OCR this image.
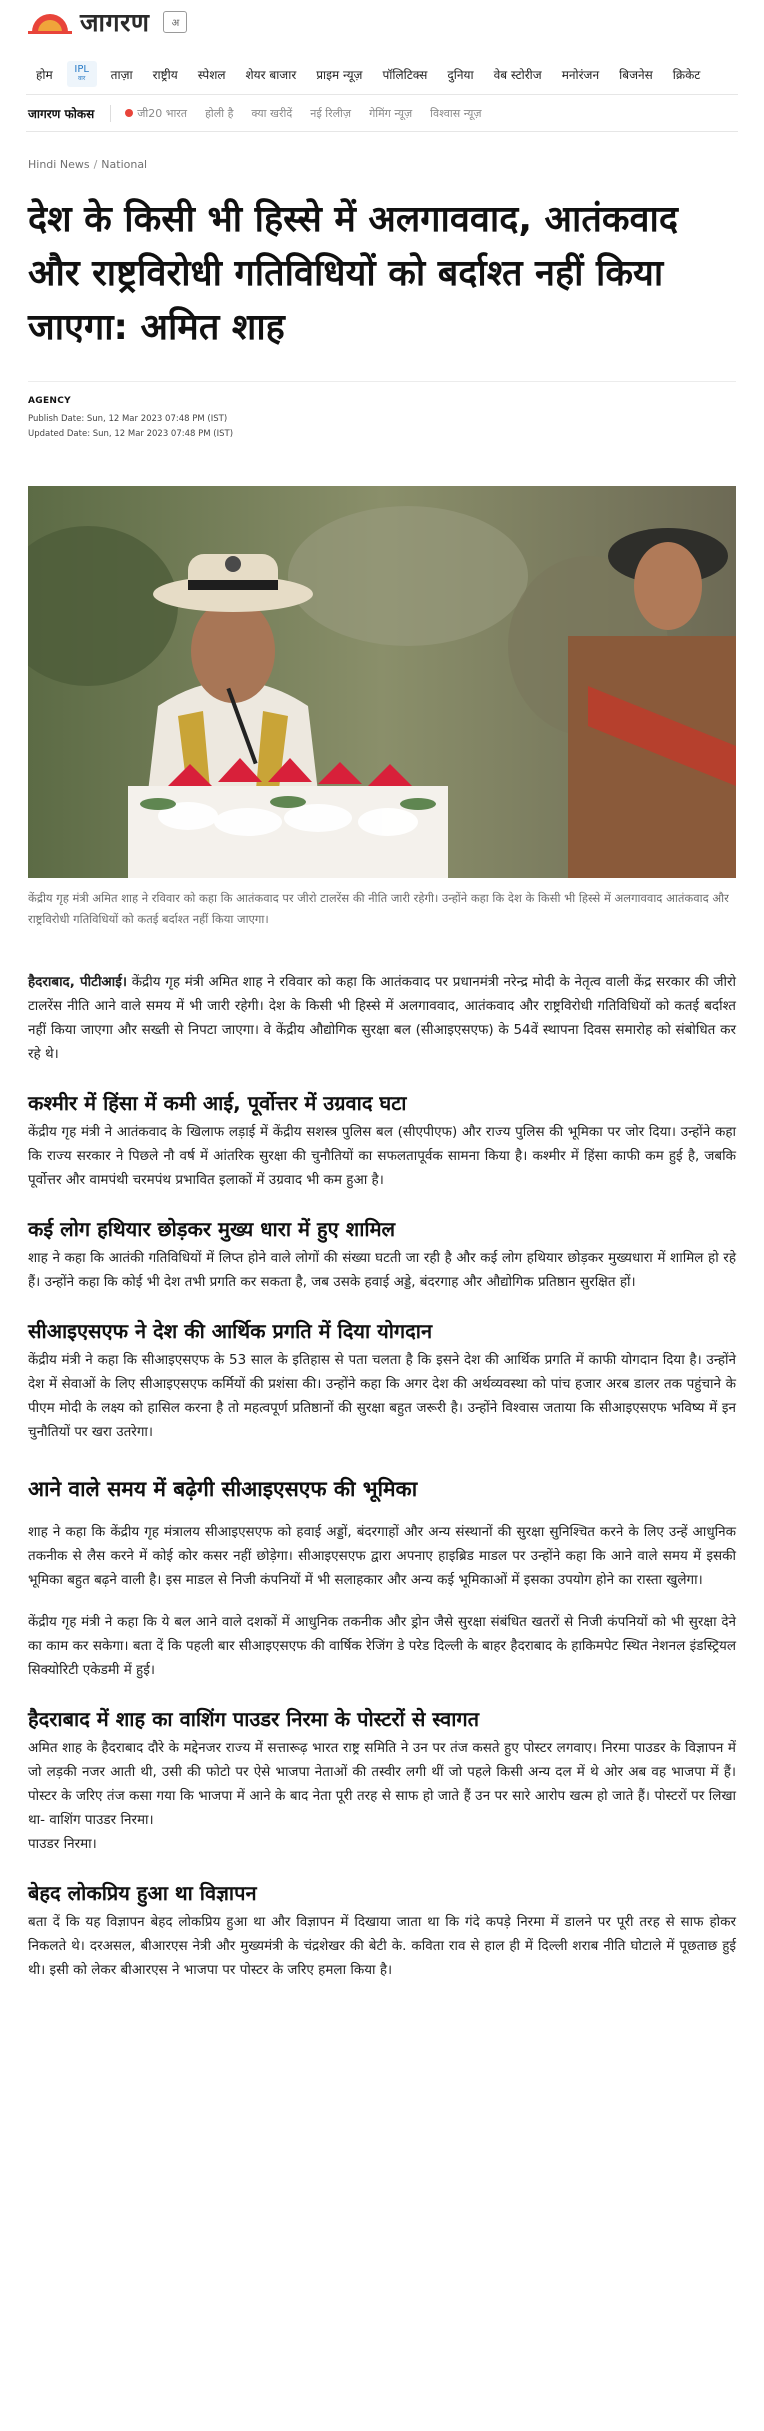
जागरण	अ
होम	IPL
वार	ताज़ा	राष्ट्रीय	स्पेशल	शेयर बाजार	प्राइम न्यूज़	पॉलिटिक्स	दुनिया	वेब स्टोरीज	मनोरंजन	बिजनेस	क्रिकेट
जागरण फोकस	जी20 भारत	होली है	क्या खरीदें	नई रिलीज़	गेमिंग न्यूज़	विश्वास न्यूज़
Hindi News / National
देश के किसी भी हिस्से में अलगाववाद, आतंकवाद और राष्ट्रविरोधी गतिविधियों को बर्दाश्त नहीं किया जाएगा: अमित शाह
AGENCY
Publish Date: Sun, 12 Mar 2023 07:48 PM (IST)
Updated Date: Sun, 12 Mar 2023 07:48 PM (IST)
केंद्रीय गृह मंत्री अमित शाह ने रविवार को कहा कि आतंकवाद पर जीरो टालरेंस की नीति जारी रहेगी। उन्होंने कहा कि देश के किसी भी हिस्से में अलगाववाद आतंकवाद और राष्ट्रविरोधी गतिविधियों को कतई बर्दाश्त नहीं किया जाएगा।

हैदराबाद, पीटीआई। केंद्रीय गृह मंत्री अमित शाह ने रविवार को कहा कि आतंकवाद पर प्रधानमंत्री नरेन्द्र मोदी के नेतृत्व वाली केंद्र सरकार की जीरो टालरेंस नीति आने वाले समय में भी जारी रहेगी। देश के किसी भी हिस्से में अलगाववाद, आतंकवाद और राष्ट्रविरोधी गतिविधियों को कतई बर्दाश्त नहीं किया जाएगा और सख्ती से निपटा जाएगा। वे केंद्रीय औद्योगिक सुरक्षा बल (सीआइएसएफ) के 54वें स्थापना दिवस समारोह को संबोधित कर रहे थे।

कश्मीर में हिंसा में कमी आई, पूर्वोत्तर में उग्रवाद घटा

केंद्रीय गृह मंत्री ने आतंकवाद के खिलाफ लड़ाई में केंद्रीय सशस्त्र पुलिस बल (सीएपीएफ) और राज्य पुलिस की भूमिका पर जोर दिया। उन्होंने कहा कि राज्य सरकार ने पिछले नौ वर्ष में आंतरिक सुरक्षा की चुनौतियों का सफलतापूर्वक सामना किया है। कश्मीर में हिंसा काफी कम हुई है, जबकि पूर्वोत्तर और वामपंथी चरमपंथ प्रभावित इलाकों में उग्रवाद भी कम हुआ है।

कई लोग हथियार छोड़कर मुख्य धारा में हुए शामिल

शाह ने कहा कि आतंकी गतिविधियों में लिप्त होने वाले लोगों की संख्या घटती जा रही है और कई लोग हथियार छोड़कर मुख्यधारा में शामिल हो रहे हैं। उन्होंने कहा कि कोई भी देश तभी प्रगति कर सकता है, जब उसके हवाई अड्डे, बंदरगाह और औद्योगिक प्रतिष्ठान सुरक्षित हों।

सीआइएसएफ ने देश की आर्थिक प्रगति में दिया योगदान

केंद्रीय मंत्री ने कहा कि सीआइएसएफ के 53 साल के इतिहास से पता चलता है कि इसने देश की आर्थिक प्रगति में काफी योगदान दिया है। उन्होंने देश में सेवाओं के लिए सीआइएसएफ कर्मियों की प्रशंसा की। उन्होंने कहा कि अगर देश की अर्थव्यवस्था को पांच हजार अरब डालर तक पहुंचाने के पीएम मोदी के लक्ष्य को हासिल करना है तो महत्वपूर्ण प्रतिष्ठानों की सुरक्षा बहुत जरूरी है। उन्होंने विश्वास जताया कि सीआइएसएफ भविष्य में इन चुनौतियों पर खरा उतरेगा।

आने वाले समय में बढ़ेगी सीआइएसएफ की भूमिका

शाह ने कहा कि केंद्रीय गृह मंत्रालय सीआइएसएफ को हवाई अड्डों, बंदरगाहों और अन्य संस्थानों की सुरक्षा सुनिश्चित करने के लिए उन्हें आधुनिक तकनीक से लैस करने में कोई कोर कसर नहीं छोड़ेगा। सीआइएसएफ द्वारा अपनाए हाइब्रिड माडल पर उन्होंने कहा कि आने वाले समय में इसकी भूमिका बहुत बढ़ने वाली है। इस माडल से निजी कंपनियों में भी सलाहकार और अन्य कई भूमिकाओं में इसका उपयोग होने का रास्ता खुलेगा।

केंद्रीय गृह मंत्री ने कहा कि ये बल आने वाले दशकों में आधुनिक तकनीक और ड्रोन जैसे सुरक्षा संबंधित खतरों से निजी कंपनियों को भी सुरक्षा देने का काम कर सकेगा। बता दें कि पहली बार सीआइएसएफ की वार्षिक रेजिंग डे परेड दिल्ली के बाहर हैदराबाद के हाकिमपेट स्थित नेशनल इंडस्ट्रियल सिक्योरिटी एकेडमी में हुई।

हैदराबाद में शाह का वाशिंग पाउडर निरमा के पोस्टरों से स्वागत

अमित शाह के हैदराबाद दौरे के मद्देनजर राज्य में सत्तारूढ़ भारत राष्ट्र समिति ने उन पर तंज कसते हुए पोस्टर लगवाए। निरमा पाउडर के विज्ञापन में जो लड़की नजर आती थी, उसी की फोटो पर ऐसे भाजपा नेताओं की तस्वीर लगी थीं जो पहले किसी अन्य दल में थे ओर अब वह भाजपा में हैं। पोस्टर के जरिए तंज कसा गया कि भाजपा में आने के बाद नेता पूरी तरह से साफ हो जाते हैं उन पर सारे आरोप खत्म हो जाते हैं। पोस्टरों पर लिखा था- वाशिंग पाउडर निरमा।

पाउडर निरमा।

बेहद लोकप्रिय हुआ था विज्ञापन

बता दें कि यह विज्ञापन बेहद लोकप्रिय हुआ था और विज्ञापन में दिखाया जाता था कि गंदे कपड़े निरमा में डालने पर पूरी तरह से साफ होकर निकलते थे। दरअसल, बीआरएस नेत्री और मुख्यमंत्री के चंद्रशेखर की बेटी के. कविता राव से हाल ही में दिल्ली शराब नीति घोटाले में पूछताछ हुई थी। इसी को लेकर बीआरएस ने भाजपा पर पोस्टर के जरिए हमला किया है।
